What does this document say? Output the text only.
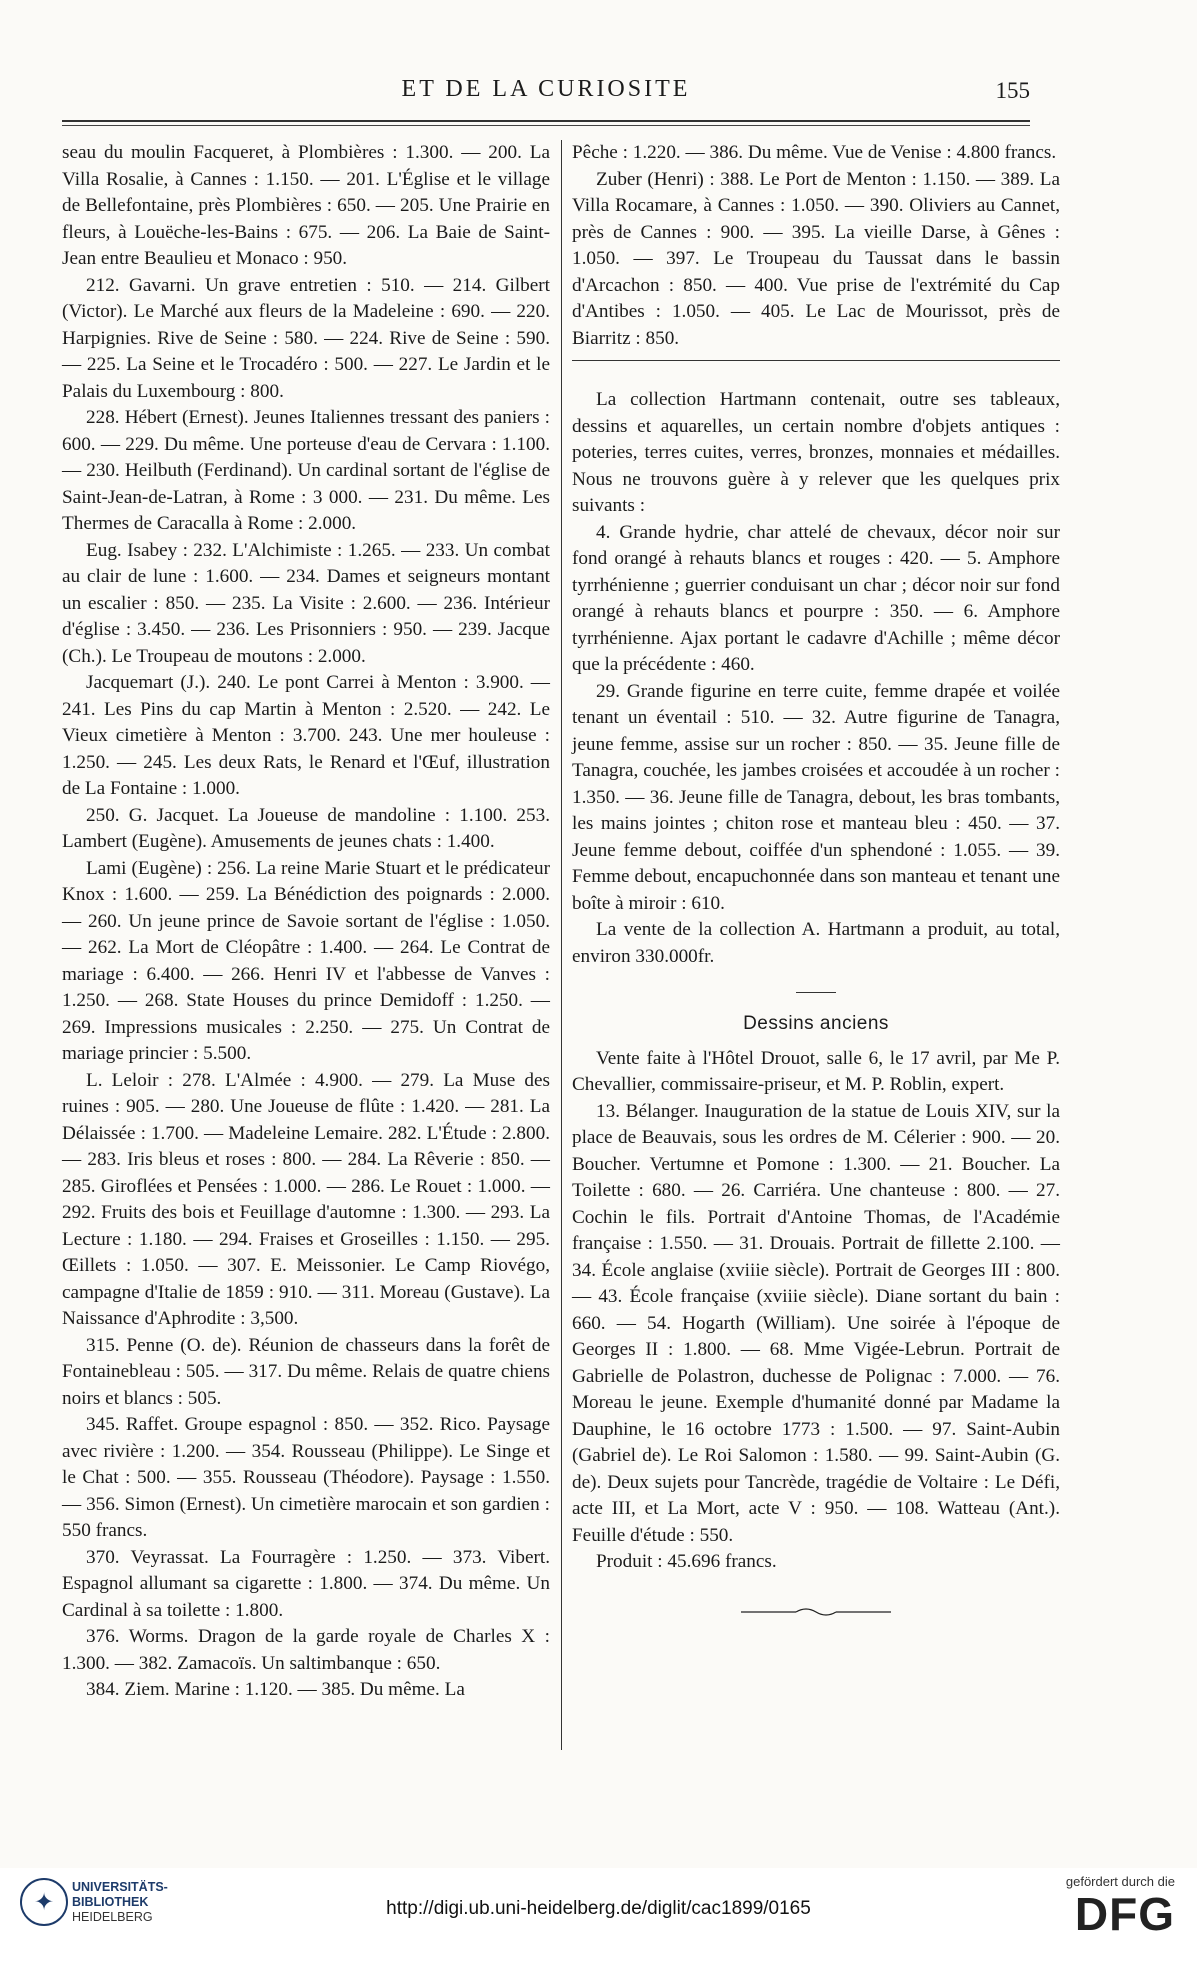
ET DE LA CURIOSITE	155

seau du moulin Facqueret, à Plombières : 1.300. — 200. La Villa Rosalie, à Cannes : 1.150. — 201. L'Église et le village de Bellefontaine, près Plombières : 650. — 205. Une Prairie en fleurs, à Louëche-les-Bains : 675. — 206. La Baie de Saint-Jean entre Beaulieu et Monaco : 950.

212. Gavarni. Un grave entretien : 510. — 214. Gilbert (Victor). Le Marché aux fleurs de la Madeleine : 690. — 220. Harpignies. Rive de Seine : 580. — 224. Rive de Seine : 590. — 225. La Seine et le Trocadéro : 500. — 227. Le Jardin et le Palais du Luxembourg : 800.

228. Hébert (Ernest). Jeunes Italiennes tressant des paniers : 600. — 229. Du même. Une porteuse d'eau de Cervara : 1.100. — 230. Heilbuth (Ferdinand). Un cardinal sortant de l'église de Saint-Jean-de-Latran, à Rome : 3 000. — 231. Du même. Les Thermes de Caracalla à Rome : 2.000.

Eug. Isabey : 232. L'Alchimiste : 1.265. — 233. Un combat au clair de lune : 1.600. — 234. Dames et seigneurs montant un escalier : 850. — 235. La Visite : 2.600. — 236. Intérieur d'église : 3.450. — 236. Les Prisonniers : 950. — 239. Jacque (Ch.). Le Troupeau de moutons : 2.000.

Jacquemart (J.). 240. Le pont Carrei à Menton : 3.900. — 241. Les Pins du cap Martin à Menton : 2.520. — 242. Le Vieux cimetière à Menton : 3.700. 243. Une mer houleuse : 1.250. — 245. Les deux Rats, le Renard et l'Œuf, illustration de La Fontaine : 1.000.

250. G. Jacquet. La Joueuse de mandoline : 1.100. 253. Lambert (Eugène). Amusements de jeunes chats : 1.400.

Lami (Eugène) : 256. La reine Marie Stuart et le prédicateur Knox : 1.600. — 259. La Bénédiction des poignards : 2.000. — 260. Un jeune prince de Savoie sortant de l'église : 1.050. — 262. La Mort de Cléopâtre : 1.400. — 264. Le Contrat de mariage : 6.400. — 266. Henri IV et l'abbesse de Vanves : 1.250. — 268. State Houses du prince Demidoff : 1.250. — 269. Impressions musicales : 2.250. — 275. Un Contrat de mariage princier : 5.500.

L. Leloir : 278. L'Almée : 4.900. — 279. La Muse des ruines : 905. — 280. Une Joueuse de flûte : 1.420. — 281. La Délaissée : 1.700. — Madeleine Lemaire. 282. L'Étude : 2.800. — 283. Iris bleus et roses : 800. — 284. La Rêverie : 850. — 285. Giroflées et Pensées : 1.000. — 286. Le Rouet : 1.000. — 292. Fruits des bois et Feuillage d'automne : 1.300. — 293. La Lecture : 1.180. — 294. Fraises et Groseilles : 1.150. — 295. Œillets : 1.050. — 307. E. Meissonier. Le Camp Riovégo, campagne d'Italie de 1859 : 910. — 311. Moreau (Gustave). La Naissance d'Aphrodite : 3,500.

315. Penne (O. de). Réunion de chasseurs dans la forêt de Fontainebleau : 505. — 317. Du même. Relais de quatre chiens noirs et blancs : 505.

345. Raffet. Groupe espagnol : 850. — 352. Rico. Paysage avec rivière : 1.200. — 354. Rousseau (Philippe). Le Singe et le Chat : 500. — 355. Rousseau (Théodore). Paysage : 1.550. — 356. Simon (Ernest). Un cimetière marocain et son gardien : 550 francs.

370. Veyrassat. La Fourragère : 1.250. — 373. Vibert. Espagnol allumant sa cigarette : 1.800. — 374. Du même. Un Cardinal à sa toilette : 1.800.

376. Worms. Dragon de la garde royale de Charles X : 1.300. — 382. Zamacoïs. Un saltimbanque : 650.

384. Ziem. Marine : 1.120. — 385. Du même. La

Pêche : 1.220. — 386. Du même. Vue de Venise : 4.800 francs.

Zuber (Henri) : 388. Le Port de Menton : 1.150. — 389. La Villa Rocamare, à Cannes : 1.050. — 390. Oliviers au Cannet, près de Cannes : 900. — 395. La vieille Darse, à Gênes : 1.050. — 397. Le Troupeau du Taussat dans le bassin d'Arcachon : 850. — 400. Vue prise de l'extrémité du Cap d'Antibes : 1.050. — 405. Le Lac de Mourissot, près de Biarritz : 850.

La collection Hartmann contenait, outre ses tableaux, dessins et aquarelles, un certain nombre d'objets antiques : poteries, terres cuites, verres, bronzes, monnaies et médailles. Nous ne trouvons guère à y relever que les quelques prix suivants :

4. Grande hydrie, char attelé de chevaux, décor noir sur fond orangé à rehauts blancs et rouges : 420. — 5. Amphore tyrrhénienne ; guerrier conduisant un char ; décor noir sur fond orangé à rehauts blancs et pourpre : 350. — 6. Amphore tyrrhénienne. Ajax portant le cadavre d'Achille ; même décor que la précédente : 460.

29. Grande figurine en terre cuite, femme drapée et voilée tenant un éventail : 510. — 32. Autre figurine de Tanagra, jeune femme, assise sur un rocher : 850. — 35. Jeune fille de Tanagra, couchée, les jambes croisées et accoudée à un rocher : 1.350. — 36. Jeune fille de Tanagra, debout, les bras tombants, les mains jointes ; chiton rose et manteau bleu : 450. — 37. Jeune femme debout, coiffée d'un sphendoné : 1.055. — 39. Femme debout, encapuchonnée dans son manteau et tenant une boîte à miroir : 610.

La vente de la collection A. Hartmann a produit, au total, environ 330.000fr.

Dessins anciens

Vente faite à l'Hôtel Drouot, salle 6, le 17 avril, par Me P. Chevallier, commissaire-priseur, et M. P. Roblin, expert.

13. Bélanger. Inauguration de la statue de Louis XIV, sur la place de Beauvais, sous les ordres de M. Célerier : 900. — 20. Boucher. Vertumne et Pomone : 1.300. — 21. Boucher. La Toilette : 680. — 26. Carriéra. Une chanteuse : 800. — 27. Cochin le fils. Portrait d'Antoine Thomas, de l'Académie française : 1.550. — 31. Drouais. Portrait de fillette 2.100. — 34. École anglaise (xviiie siècle). Portrait de Georges III : 800. — 43. École française (xviiie siècle). Diane sortant du bain : 660. — 54. Hogarth (William). Une soirée à l'époque de Georges II : 1.800. — 68. Mme Vigée-Lebrun. Portrait de Gabrielle de Polastron, duchesse de Polignac : 7.000. — 76. Moreau le jeune. Exemple d'humanité donné par Madame la Dauphine, le 16 octobre 1773 : 1.500. — 97. Saint-Aubin (Gabriel de). Le Roi Salomon : 1.580. — 99. Saint-Aubin (G. de). Deux sujets pour Tancrède, tragédie de Voltaire : Le Défi, acte III, et La Mort, acte V : 950. — 108. Watteau (Ant.). Feuille d'étude : 550.

Produit : 45.696 francs.

✦
UNIVERSITÄTS-
BIBLIOTHEK
HEIDELBERG	http://digi.ub.uni-heidelberg.de/diglit/cac1899/0165
gefördert durch die
DFG
